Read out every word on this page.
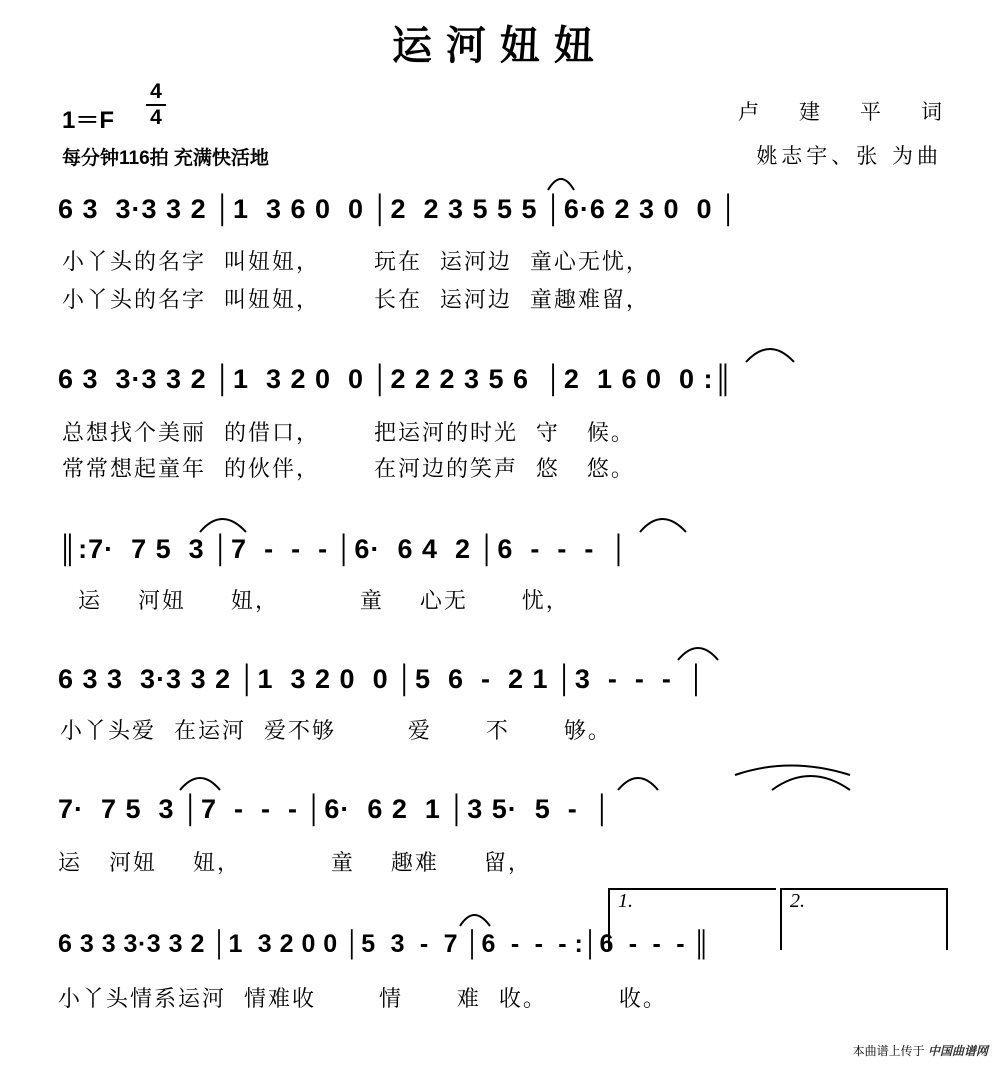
运河妞妞
1＝F
4
4
每分钟116拍 充满快活地
卢建平词
姚志宇、张 为曲
6 3  3·3 3 2 │1  3 6 0  0 │2  2 3 5 5 5 │6·6 2 3 0  0 │
小丫头的名字  叫妞妞，      玩在  运河边  童心无忧，
小丫头的名字  叫妞妞，      长在  运河边  童趣难留，
6 3  3·3 3 2 │1  3 2 0  0 │2 2 2 3 5 6  │2  1 6 0  0 :║
总想找个美丽  的借口，      把运河的时光  守   候。
常常想起童年  的伙伴，      在河边的笑声  悠   悠。
║:7·  7 5  3 │7  -  -  - │6·  6 4  2 │6  -  -  -  │
运    河妞     妞，         童    心无      忧，
6 3 3  3·3 3 2 │1  3 2 0  0 │5  6  -  2 1 │3  -  -  -  │
小丫头爱  在运河  爱不够        爱      不      够。
7·  7 5  3 │7  -  -  - │6·  6 2  1 │3 5·  5  -  │
运   河妞    妞，          童    趣难     留，
1.	2.
6 3 3 3·3 3 2 │1  3 2 0 0 │5  3  -  7 │6  -  -  - :│6  -  -  - ║
小丫头情系运河  情难收       情      难  收。        收。
本曲谱上传于 中国曲谱网
